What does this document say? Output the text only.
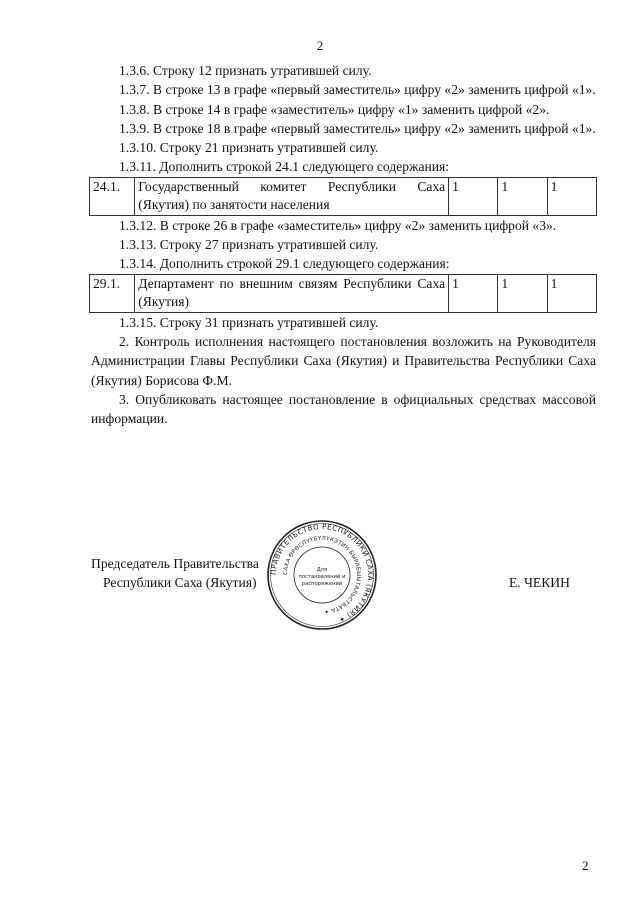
2

1.3.6. Строку 12 признать утратившей силу.

1.3.7. В строке 13 в графе «первый заместитель» цифру «2» заменить цифрой «1».

1.3.8. В строке 14 в графе «заместитель» цифру «1» заменить цифрой «2».

1.3.9. В строке 18 в графе «первый заместитель» цифру «2» заменить цифрой «1».

1.3.10. Строку 21 признать утратившей силу.

1.3.11. Дополнить строкой 24.1 следующего содержания:

24.1.	Государственный комитет Республики Саха (Якутия) по занятости населения	1	1	1

1.3.12. В строке 26 в графе «заместитель» цифру «2» заменить цифрой «3».

1.3.13. Строку 27 признать утратившей силу.

1.3.14. Дополнить строкой 29.1 следующего содержания:

29.1.	Департамент по внешним связям Республики Саха (Якутия)	1	1	1

1.3.15. Строку 31 признать утратившей силу.

2. Контроль исполнения настоящего постановления возложить на Руководителя Администрации Главы Республики Саха (Якутия) и Правительства Республики Саха (Якутия) Борисова Ф.М.

3. Опубликовать настоящее постановление в официальных средствах массовой информации.

Председатель Правительства
Республики Саха (Якутия)	Е. ЧЕКИН
ПРАВИТЕЛЬСТВО РЕСПУБЛИКИ САХА (ЯКУТИЯ) ✦
САХА ӨРӨСПҮҮБҮЛҮКЭТИН БЫРАБЫЫТАЛЬСТВАТА ✦
Для
постановлений и
распоряжений
2
